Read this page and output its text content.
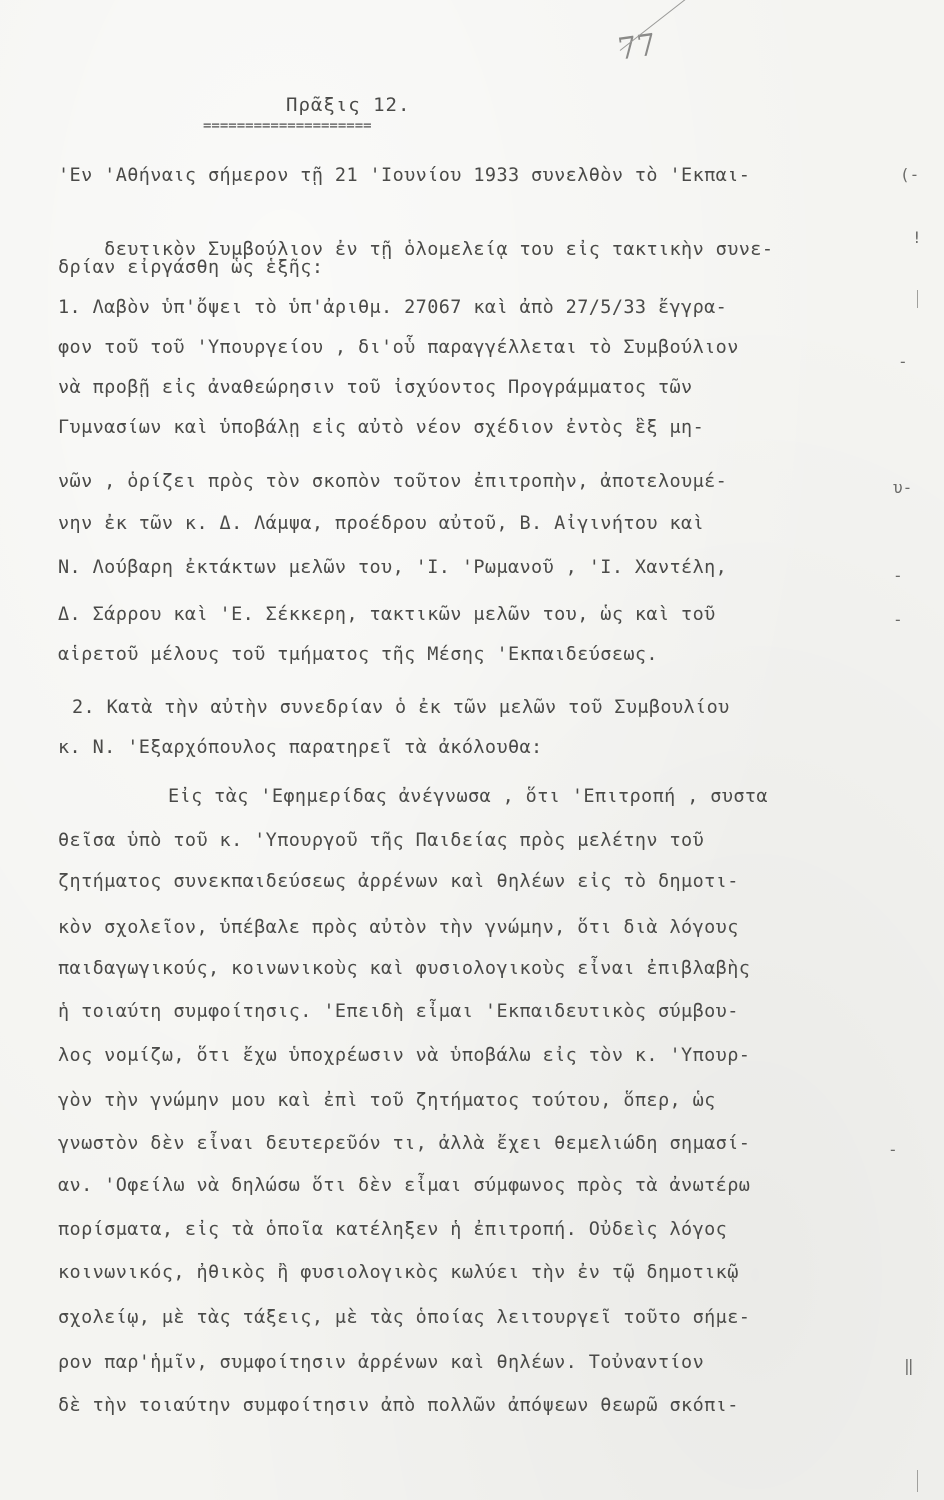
77
Πρᾶξις 12.
====================
'Εν 'Αθήναις σήμερον τῇ 21 'Ιουνίου 1933 συνελθὸν τὸ 'Εκπαι-

δευτικὸν Συμβούλιον ἐν τῇ ὁλομελείᾳ του εἰς τακτικὴν συνε-

δρίαν εἰργάσθη ὡς ἑξῆς:
1. Λαβὸν ὑπ'ὄψει τὸ ὑπ'ἀριθμ. 27067 καὶ ἀπὸ 27/5/33 ἔγγρα-
φον τοῦ τοῦ 'Υπουργείου , δι'οὗ παραγγέλλεται τὸ Συμβούλιον
νὰ προβῇ εἰς ἀναθεώρησιν τοῦ ἰσχύοντος Προγράμματος τῶν
Γυμνασίων καὶ ὑποβάλῃ εἰς αὐτὸ νέον σχέδιον ἐντὸς ἓξ μη-
νῶν , ὁρίζει πρὸς τὸν σκοπὸν τοῦτον ἐπιτροπὴν, ἀποτελουμέ-
νην ἐκ τῶν κ. Δ. Λάμψα, προέδρου αὐτοῦ, Β. Αἰγινήτου καὶ
Ν. Λούβαρη ἐκτάκτων μελῶν του, 'Ι. 'Ρωμανοῦ , 'Ι. Χαντέλη,
Δ. Σάρρου καὶ 'Ε. Σέκκερη, τακτικῶν μελῶν του, ὡς καὶ τοῦ
αἱρετοῦ μέλους τοῦ τμήματος τῆς Μέσης 'Εκπαιδεύσεως.
2. Κατὰ τὴν αὐτὴν συνεδρίαν ὁ ἐκ τῶν μελῶν τοῦ Συμβουλίου
κ. Ν. 'Εξαρχόπουλος παρατηρεῖ τὰ ἀκόλουθα:
Εἰς τὰς 'Εφημερίδας ἀνέγνωσα , ὅτι 'Επιτροπή , συστα
θεῖσα ὑπὸ τοῦ κ. 'Υπουργοῦ τῆς Παιδείας πρὸς μελέτην τοῦ
ζητήματος συνεκπαιδεύσεως ἀρρένων καὶ θηλέων εἰς τὸ δημοτι-
κὸν σχολεῖον, ὑπέβαλε πρὸς αὐτὸν τὴν γνώμην, ὅτι διὰ λόγους
παιδαγωγικούς, κοινωνικοὺς καὶ φυσιολογικοὺς εἶναι ἐπιβλαβὴς
ἡ τοιαύτη συμφοίτησις. 'Επειδὴ εἶμαι 'Εκπαιδευτικὸς σύμβου-
λος νομίζω, ὅτι ἔχω ὑποχρέωσιν νὰ ὑποβάλω εἰς τὸν κ. 'Υπουρ-
γὸν τὴν γνώμην μου καὶ ἐπὶ τοῦ ζητήματος τούτου, ὅπερ, ὡς
γνωστὸν δὲν εἶναι δευτερεῦόν τι, ἀλλὰ ἔχει θεμελιώδη σημασί-
αν. 'Οφείλω νὰ δηλώσω ὅτι δὲν εἶμαι σύμφωνος πρὸς τὰ ἀνωτέρω
πορίσματα, εἰς τὰ ὁποῖα κατέληξεν ἡ ἐπιτροπή. Οὐδεὶς λόγος
κοινωνικός, ἠθικὸς ἢ φυσιολογικὸς κωλύει τὴν ἐν τῷ δημοτικῷ
σχολείῳ, μὲ τὰς τάξεις, μὲ τὰς ὁποίας λειτουργεῖ τοῦτο σήμε-
ρον παρ'ἡμῖν, συμφοίτησιν ἀρρένων καὶ θηλέων. Τοὐναντίον
δὲ τὴν τοιαύτην συμφοίτησιν ἀπὸ πολλῶν ἀπόψεων θεωρῶ σκόπι-
(-
!
-
υ-
-
-
-
‖
